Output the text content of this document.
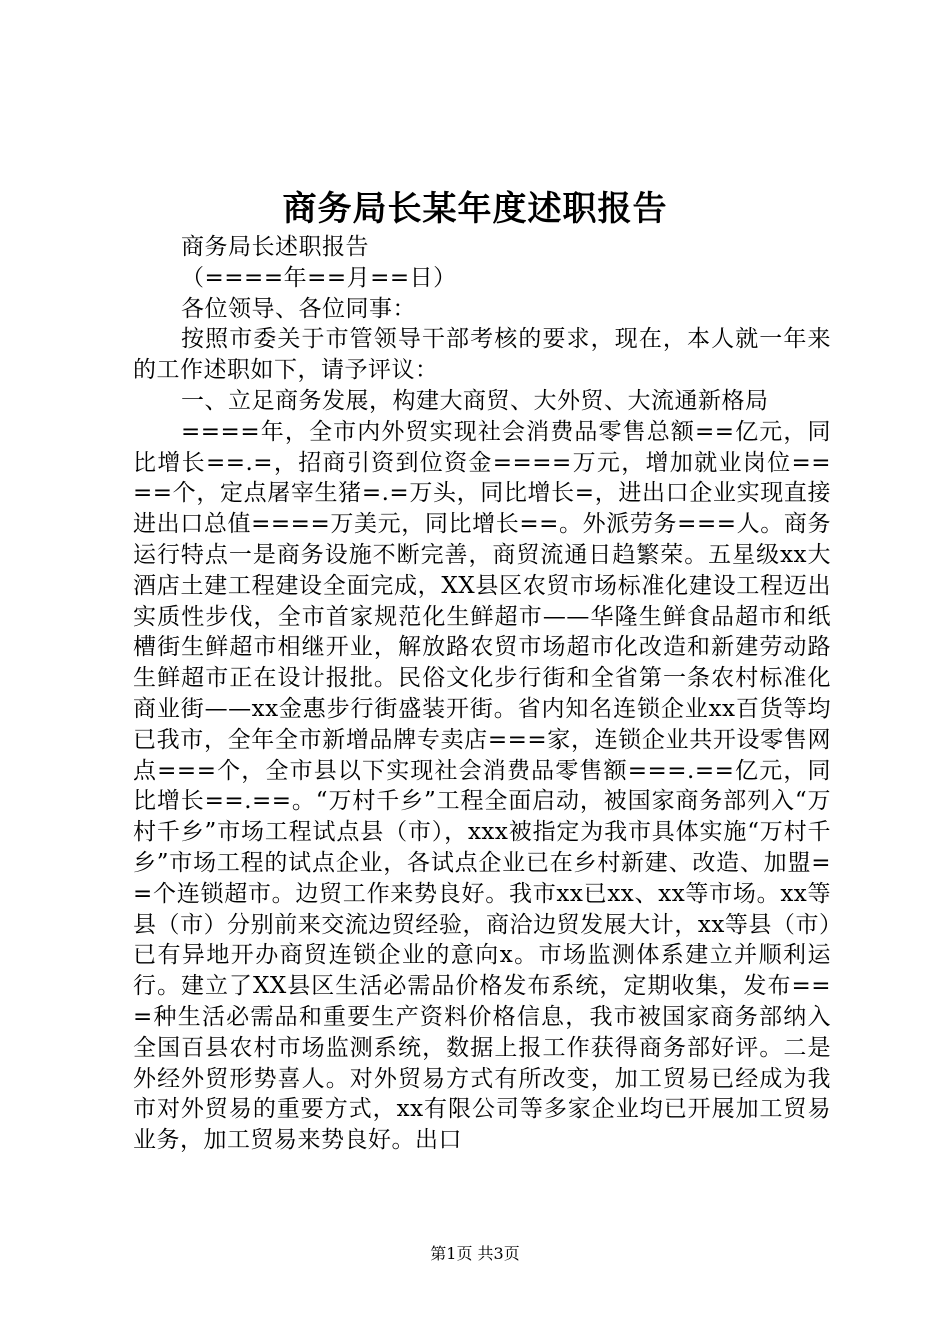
商务局长某年度述职报告

商务局长述职报告

（====年==月==日）

各位领导、各位同事：

按照市委关于市管领导干部考核的要求，现在，本人就一年来的工作述职如下，请予评议：

一、立足商务发展，构建大商贸、大外贸、大流通新格局

====年，全市内外贸实现社会消费品零售总额==亿元，同比增长==.=，招商引资到位资金====万元，增加就业岗位====个，定点屠宰生猪=.=万头，同比增长=，进出口企业实现直接进出口总值====万美元，同比增长==。外派劳务===人。商务运行特点一是商务设施不断完善，商贸流通日趋繁荣。五星级xx大酒店土建工程建设全面完成，XX县区农贸市场标准化建设工程迈出实质性步伐，全市首家规范化生鲜超市——华隆生鲜食品超市和纸槽街生鲜超市相继开业，解放路农贸市场超市化改造和新建劳动路生鲜超市正在设计报批。民俗文化步行街和全省第一条农村标准化商业街——xx金惠步行街盛装开街。省内知名连锁企业xx百货等均已我市，全年全市新增品牌专卖店===家，连锁企业共开设零售网点===个，全市县以下实现社会消费品零售额===.==亿元，同比增长==.==。“万村千乡”工程全面启动，被国家商务部列入“万村千乡”市场工程试点县（市），xxx被指定为我市具体实施“万村千乡”市场工程的试点企业，各试点企业已在乡村新建、改造、加盟==个连锁超市。边贸工作来势良好。我市xx已xx、xx等市场。xx等县（市）分别前来交流边贸经验，商洽边贸发展大计，xx等县（市）已有异地开办商贸连锁企业的意向x。市场监测体系建立并顺利运行。建立了XX县区生活必需品价格发布系统，定期收集，发布===种生活必需品和重要生产资料价格信息，我市被国家商务部纳入全国百县农村市场监测系统，数据上报工作获得商务部好评。二是外经外贸形势喜人。对外贸易方式有所改变，加工贸易已经成为我市对外贸易的重要方式，xx有限公司等多家企业均已开展加工贸易业务，加工贸易来势良好。出口

第1页 共3页
